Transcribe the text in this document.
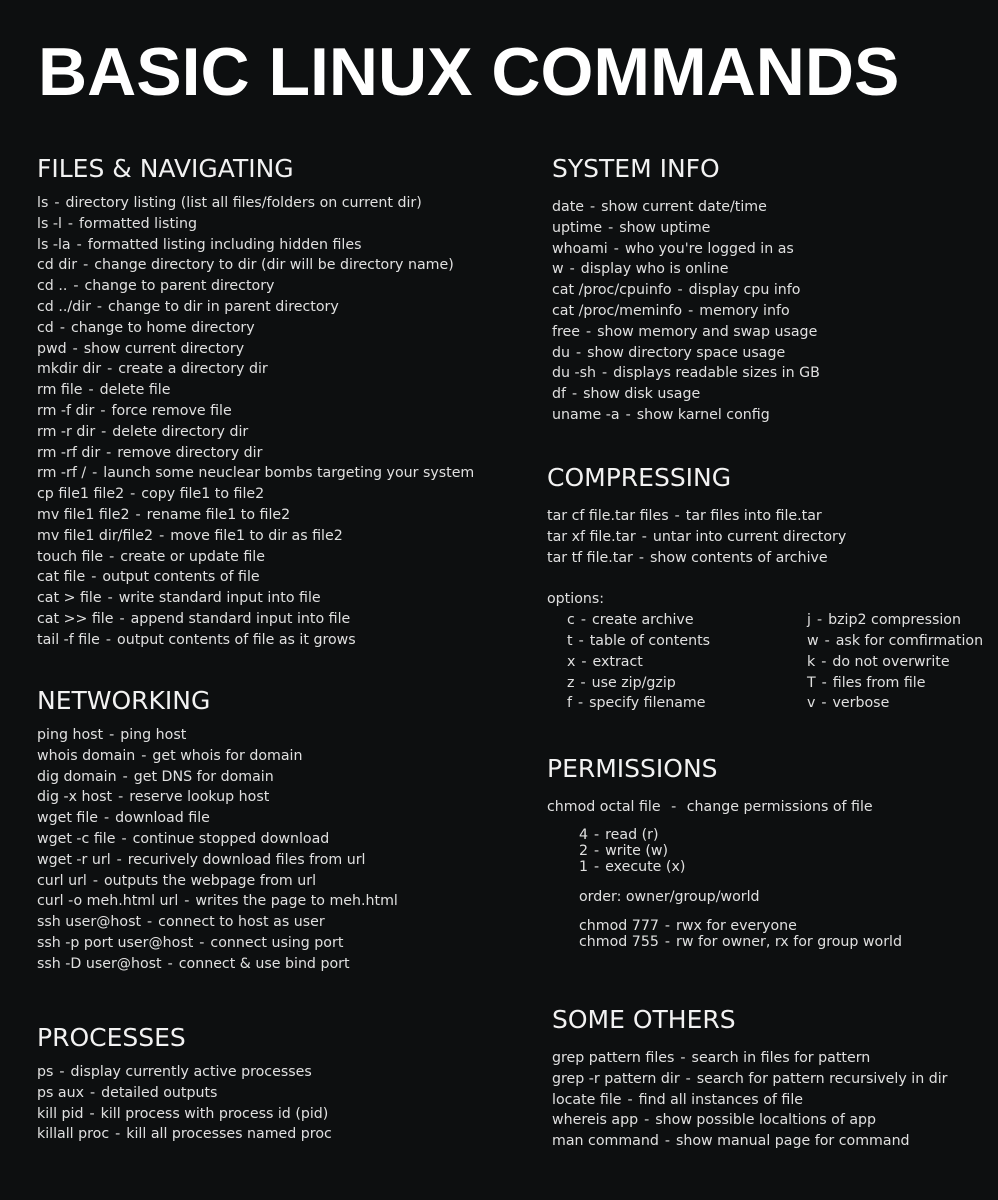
BASIC LINUX COMMANDS
FILES & NAVIGATING
ls - directory listing (list all files/folders on current dir)
ls -l - formatted listing
ls -la - formatted listing including hidden files
cd dir - change directory to dir (dir will be directory name)
cd .. - change to parent directory
cd ../dir - change to dir in parent directory
cd - change to home directory
pwd - show current directory
mkdir dir - create a directory dir
rm file - delete file
rm -f dir - force remove file
rm -r dir - delete directory dir
rm -rf dir - remove directory dir
rm -rf / - launch some neuclear bombs targeting your system
cp file1 file2 - copy file1 to file2
mv file1 file2 - rename file1 to file2
mv file1 dir/file2 - move file1 to dir as file2
touch file - create or update file
cat file - output contents of file
cat > file - write standard input into file
cat >> file - append standard input into file
tail -f file - output contents of file as it grows
NETWORKING
ping host - ping host
whois domain - get whois for domain
dig domain - get DNS for domain
dig -x host - reserve lookup host
wget file - download file
wget -c file - continue stopped download
wget -r url - recurively download files from url
curl url - outputs the webpage from url
curl -o meh.html url - writes the page to meh.html
ssh user@host - connect to host as user
ssh -p port user@host - connect using port
ssh -D user@host - connect & use bind port
PROCESSES
ps - display currently active processes
ps aux - detailed outputs
kill pid - kill process with process id (pid)
killall proc - kill all processes named proc
SYSTEM INFO
date - show current date/time
uptime - show uptime
whoami - who you're logged in as
w - display who is online
cat /proc/cpuinfo - display cpu info
cat /proc/meminfo - memory info
free - show memory and swap usage
du - show directory space usage
du -sh - displays readable sizes in GB
df - show disk usage
uname -a - show karnel config
COMPRESSING
tar cf file.tar files - tar files into file.tar
tar xf file.tar - untar into current directory
tar tf file.tar - show contents of archive
options:
c - create archive
t - table of contents
x - extract
z - use zip/gzip
f - specify filename
j - bzip2 compression
w - ask for comfirmation
k - do not overwrite
T - files from file
v - verbose
PERMISSIONS
chmod octal file - change permissions of file
4 - read (r)
2 - write (w)
1 - execute (x)
order: owner/group/world
chmod 777 - rwx for everyone
chmod 755 - rw for owner, rx for group world
SOME OTHERS
grep pattern files - search in files for pattern
grep -r pattern dir - search for pattern recursively in dir
locate file - find all instances of file
whereis app - show possible localtions of app
man command - show manual page for command
